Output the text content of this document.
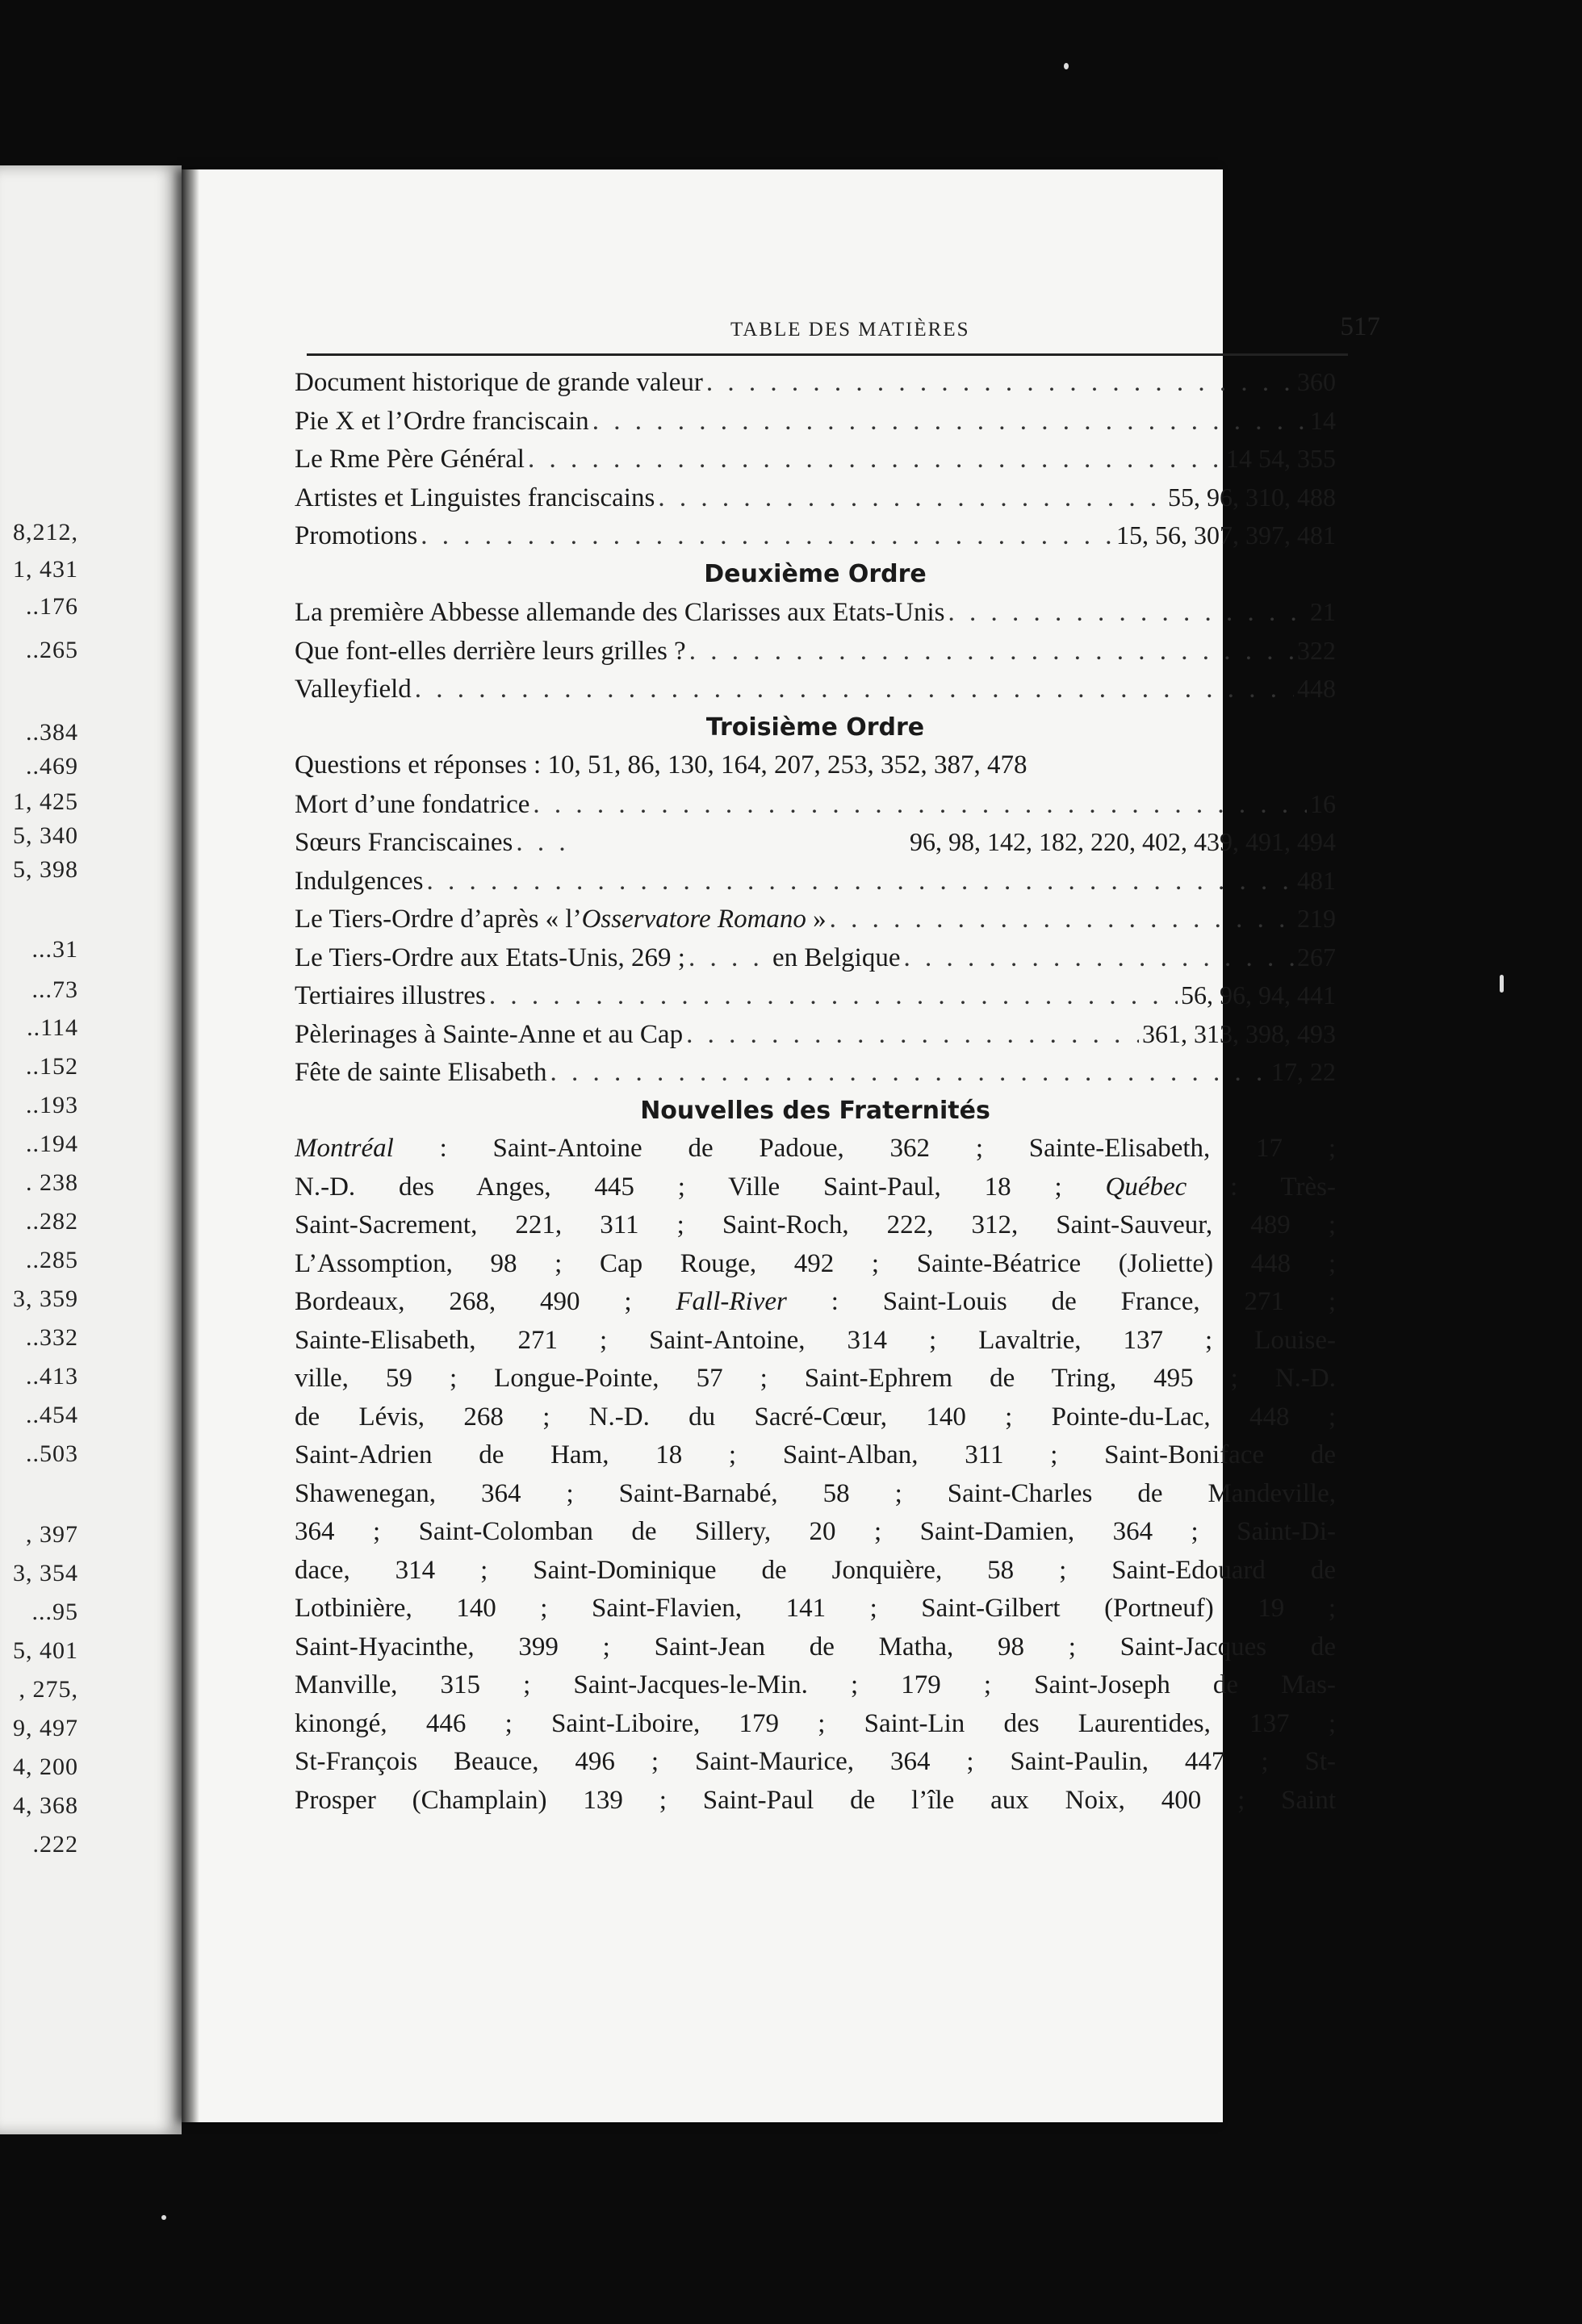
8,212,
1, 431
..176
..265
..384
..469
1, 425
5, 340
5, 398
...31
...73
..114
..152
..193
..194
. 238
..282
..285
3, 359
..332
..413
..454
..503
, 397
3, 354
...95
5, 401
, 275,
9, 497
4, 200
4, 368
.222
TABLE DES MATIÈRES	517
Document historique de grande valeur . . .	360
Pie X et l’Ordre franciscain . . .	14
Le Rme Père Général . . .	14 54, 355
Artistes et Linguistes franciscains . . .	55, 96, 310, 488
Promotions . . .	15, 56, 307, 397, 481
Deuxième Ordre
La première Abbesse allemande des Clarisses aux Etats-Unis . . .	21
Que font-elles derrière leurs grilles ? . . .	322
Valleyfield . . .	448
Troisième Ordre
Questions et réponses : 10, 51, 86, 130, 164, 207, 253, 352, 387, 478
Mort d’une fondatrice . . .	16
Sœurs Franciscaines . . .	96, 98, 142, 182, 220, 402, 439, 491, 494
Indulgences . . .	481
Le Tiers-Ordre d’après « l’Osservatore Romano » . . .	219
Le Tiers-Ordre aux Etats-Unis, 269 ; . . .	en Belgique . . .	267
Tertiaires illustres . . .	56, 96, 94, 441
Pèlerinages à Sainte-Anne et au Cap . . .	361, 313, 398, 493
Fête de sainte Elisabeth . . .	17, 22
Nouvelles des Fraternités
Montréal : Saint-Antoine de Padoue, 362 ; Sainte-Elisabeth, 17 ;
N.-D. des Anges, 445 ; Ville Saint-Paul, 18 ; Québec : Très-
Saint-Sacrement, 221, 311 ; Saint-Roch, 222, 312, Saint-Sauveur, 489 ;
L’Assomption, 98 ; Cap Rouge, 492 ; Sainte-Béatrice (Joliette) 448 ;
Bordeaux, 268, 490 ; Fall-River : Saint-Louis de France, 271 ;
Sainte-Elisabeth, 271 ; Saint-Antoine, 314 ; Lavaltrie, 137 ; Louise-
ville, 59 ; Longue-Pointe, 57 ; Saint-Ephrem de Tring, 495 ; N.-D.
de Lévis, 268 ; N.-D. du Sacré-Cœur, 140 ; Pointe-du-Lac, 448 ;
Saint-Adrien de Ham, 18 ; Saint-Alban, 311 ; Saint-Boniface de
Shawenegan, 364 ; Saint-Barnabé, 58 ; Saint-Charles de Mandeville,
364 ; Saint-Colomban de Sillery, 20 ; Saint-Damien, 364 ; Saint-Di-
dace, 314 ; Saint-Dominique de Jonquière, 58 ; Saint-Edouard de
Lotbinière, 140 ; Saint-Flavien, 141 ; Saint-Gilbert (Portneuf) 19 ;
Saint-Hyacinthe, 399 ; Saint-Jean de Matha, 98 ; Saint-Jacques de
Manville, 315 ; Saint-Jacques-le-Min. ; 179 ; Saint-Joseph de Mas-
kinongé, 446 ; Saint-Liboire, 179 ; Saint-Lin des Laurentides, 137 ;
St-François Beauce, 496 ; Saint-Maurice, 364 ; Saint-Paulin, 447 ; St-
Prosper (Champlain) 139 ; Saint-Paul de l’île aux Noix, 400 ; Saint
